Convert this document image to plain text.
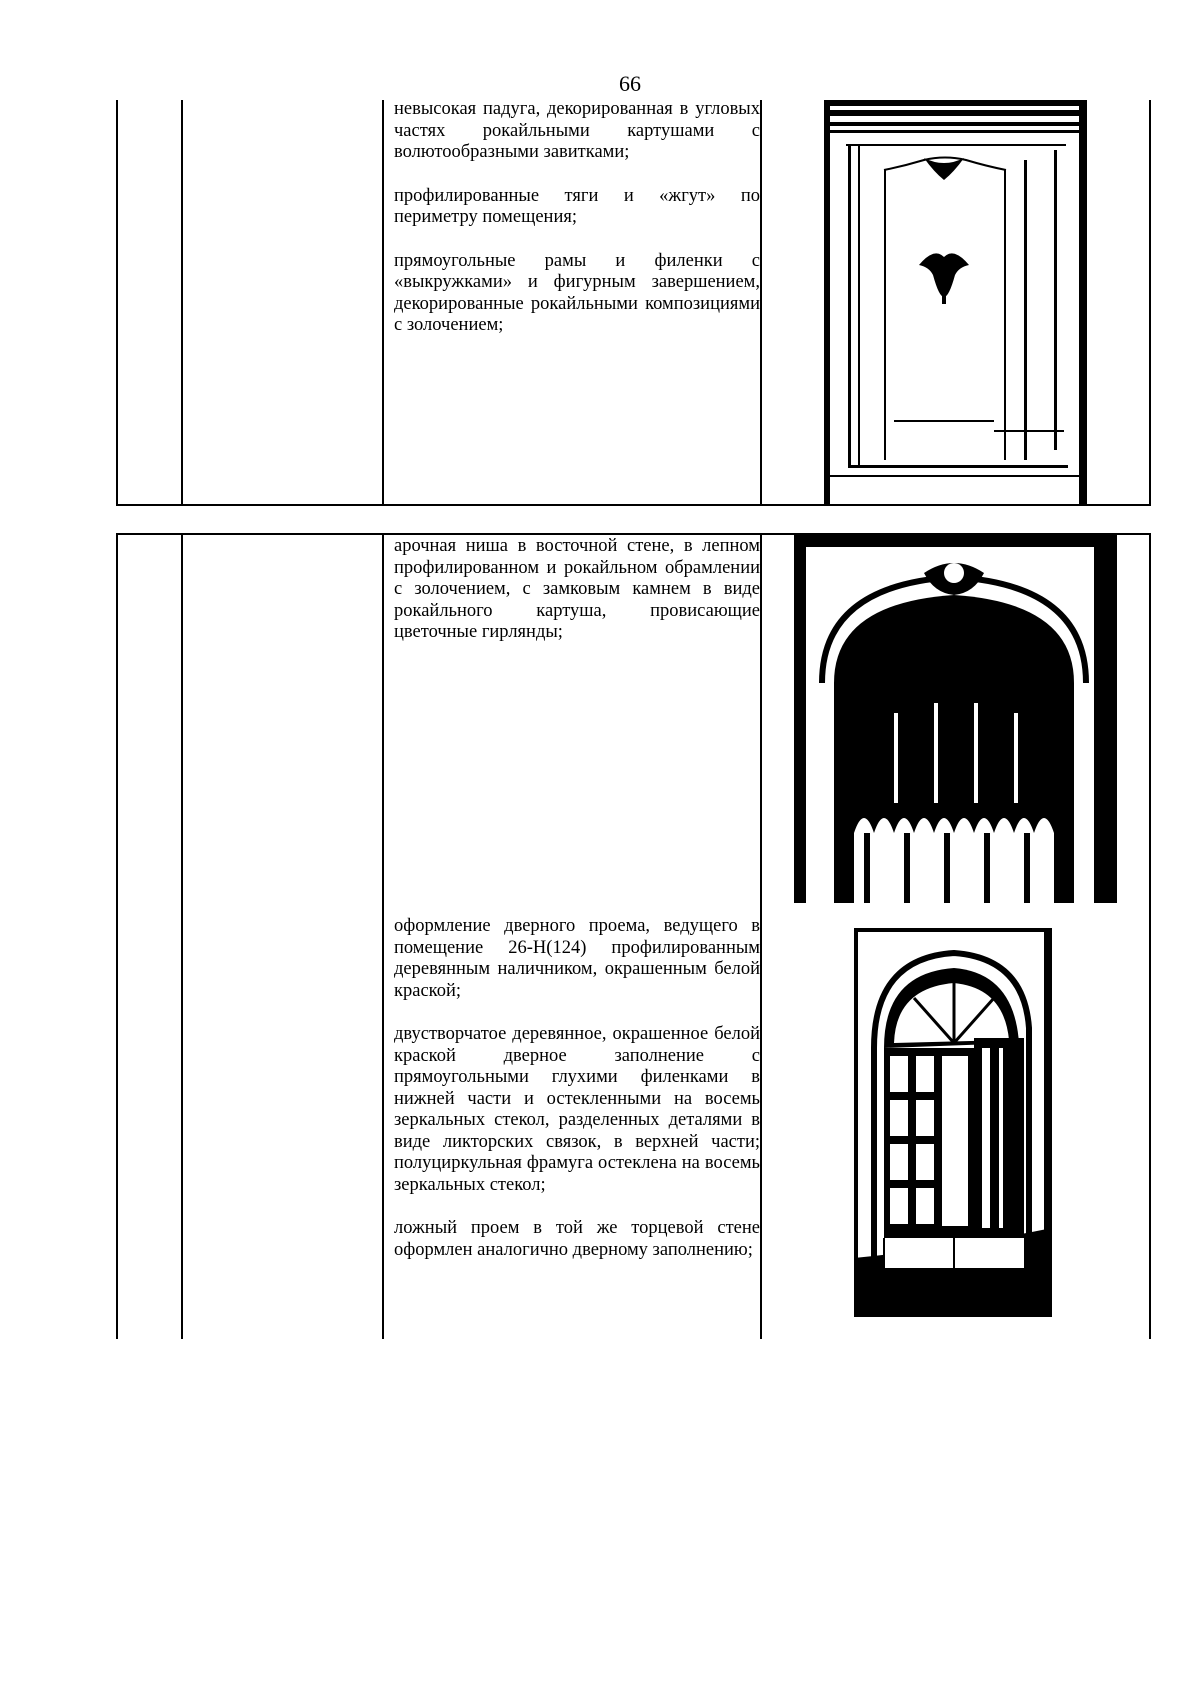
66

невысокая падуга, декорированная в угловых частях рокайльными картушами с волютообразными завитками;

профилированные тяги и «жгут» по периметру помещения;

прямоугольные рамы и филенки с «выкружками» и фигурным завершением, декорированные рокайльными композициями с золочением;

арочная ниша в восточной стене, в лепном профилированном и рокайльном обрамлении с золочением, с замковым камнем в виде рокайльного картуша, провисающие цветочные гирлянды;

оформление дверного проема, ведущего в помещение 26-Н(124) профилированным деревянным наличником, окрашенным белой краской;

двустворчатое деревянное, окрашенное белой краской дверное заполнение с прямоугольными глухими филенками в нижней части и остекленными на восемь зеркальных стекол, разделенных деталями в виде ликторских связок, в верхней части; полуциркульная фрамуга остеклена на восемь зеркальных стекол;

ложный проем в той же торцевой стене оформлен аналогично дверному заполнению;
